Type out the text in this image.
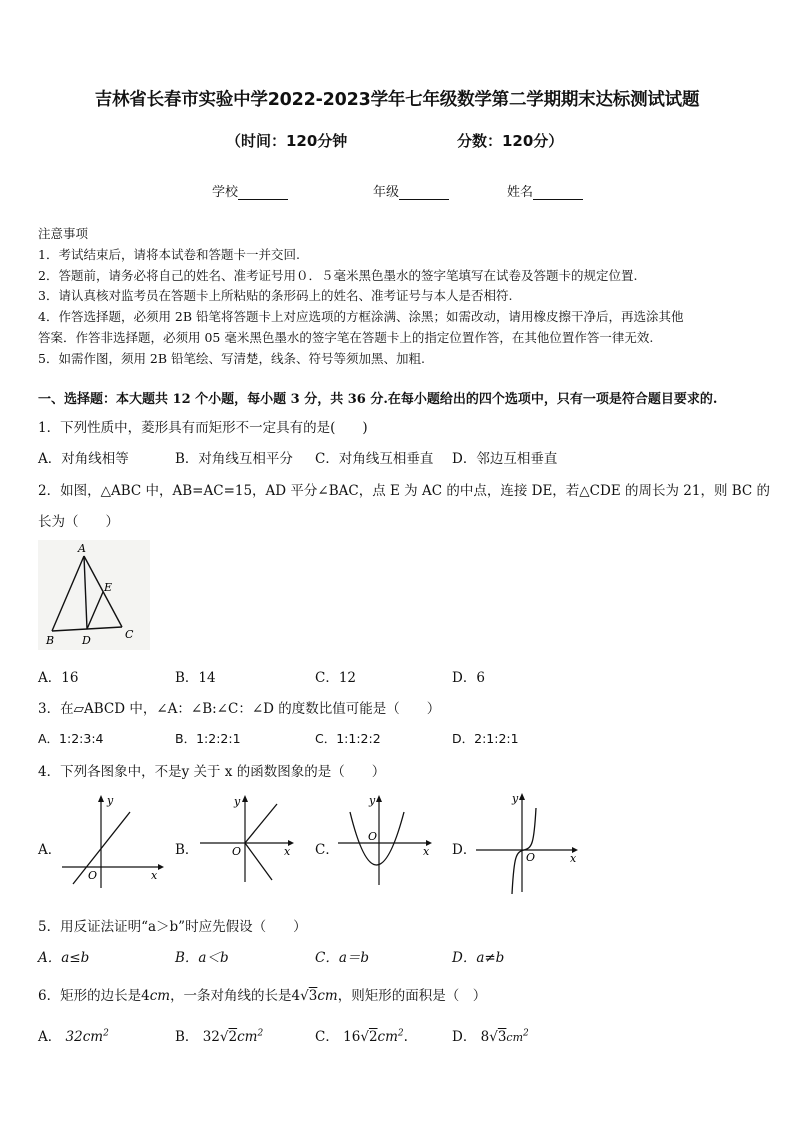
吉林省长春市实验中学2022-2023学年七年级数学第二学期期末达标测试试题
（时间：120分钟	分数：120分）
学校	年级	姓名
注意事项
1．考试结束后，请将本试卷和答题卡一并交回.
2．答题前，请务必将自己的姓名、准考证号用０．５毫米黑色墨水的签字笔填写在试卷及答题卡的规定位置.
3．请认真核对监考员在答题卡上所粘贴的条形码上的姓名、准考证号与本人是否相符.
4．作答选择题，必须用 2B 铅笔将答题卡上对应选项的方框涂满、涂黑；如需改动，请用橡皮擦干净后，再选涂其他
答案．作答非选择题，必须用 05 毫米黑色墨水的签字笔在答题卡上的指定位置作答，在其他位置作答一律无效.
5．如需作图，须用 2B 铅笔绘、写清楚，线条、符号等须加黑、加粗.
一、选择题：本大题共 12 个小题，每小题 3 分，共 36 分.在每小题给出的四个选项中，只有一项是符合题目要求的.
1．下列性质中，菱形具有而矩形不一定具有的是(　　)
A．对角线相等	B．对角线互相平分 C．对角线互相垂直 D．邻边互相垂直
2．如图，△ABC 中，AB=AC=15，AD 平分∠BAC，点 E 为 AC 的中点，连接 DE，若△CDE 的周长为 21，则 BC 的
长为（　　）
A
E
B	D	C
A．16	B．14	C．12	D．6
3．在▱ABCD 中，∠A：∠B:∠C：∠D 的度数比值可能是（　　）
A．1:2:3:4	B．1:2:2:1	C．1:1:2:2	D．2:1:2:1
4．下列各图象中，不是y 关于 x 的函数图象的是（　　）
A．
y
x
O
B．
y
x
O	C．
y
x
O
D．
y
x
O
5．用反证法证明“a＞b”时应先假设（　　）
A．a≤b	B．a＜b	C．a＝b	D．a≠b
6．矩形的边长是4cm，一条对角线的长是4√3cm，则矩形的面积是（　）
A． $32cm^2$	B． $32√2cm^2$	C． $16√2cm^2$.	D． $8√3cm^2$
